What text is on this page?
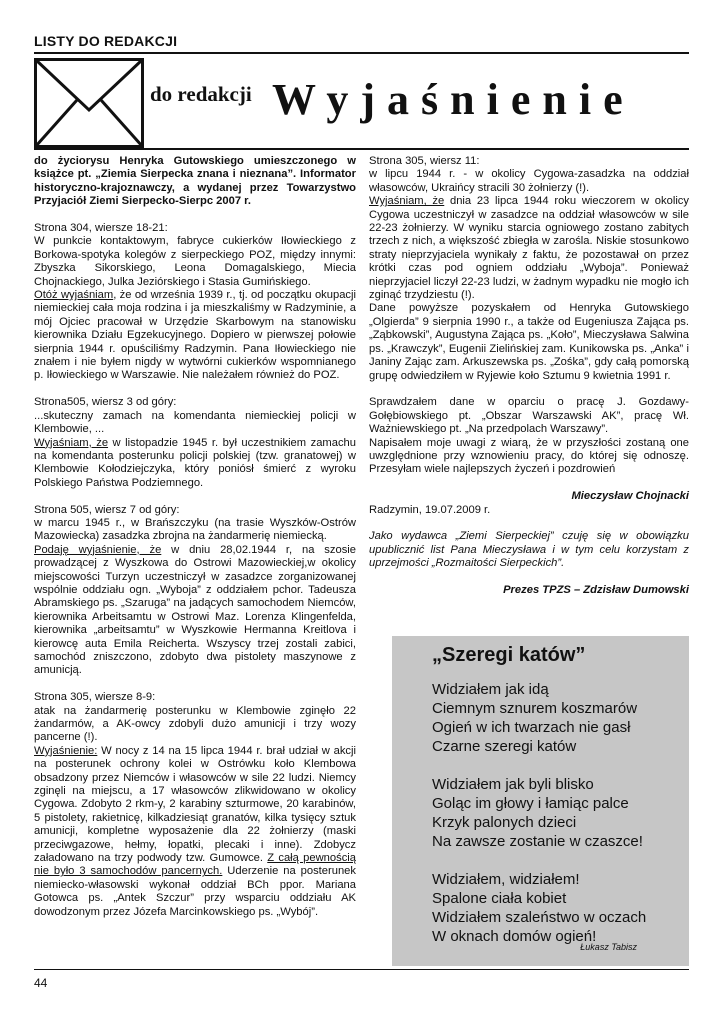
LISTY DO REDAKCJI
do redakcji Wyjaśnienie

do życiorysu Henryka Gutowskiego umieszczonego w książce pt. „Ziemia Sierpecka znana i nieznana”. Informator historyczno-krajoznawczy, a wydanej przez Towarzystwo Przyjaciół Ziemi Sierpecko-Sierpc 2007 r.

Strona 304, wiersze 18-21:

W punkcie kontaktowym, fabryce cukierków Iłowieckiego z Borkowa-spotyka kolegów z sierpeckiego POZ, między innymi: Zbyszka Sikorskiego, Leona Domagalskiego, Miecia Chojnackiego, Julka Jeziórskiego i Stasia Gumińskiego.

Otóż wyjaśniam, że od września 1939 r., tj. od początku okupacji niemieckiej cała moja rodzina i ja mieszkaliśmy w Radzyminie, a mój Ojciec pracował w Urzędzie Skarbowym na stanowisku kierownika Działu Egzekucyjnego. Dopiero w pierwszej połowie sierpnia 1944 r. opuściliśmy Radzymin. Pana Iłowieckiego nie znałem i nie byłem nigdy w wytwórni cukierków wspomnianego p. Iłowieckiego w Warszawie. Nie należałem również do POZ.

Strona505, wiersz 3 od góry:

...skuteczny zamach na komendanta niemieckiej policji w Klembowie, ...

Wyjaśniam, że w listopadzie 1945 r. był uczestnikiem zamachu na komendanta posterunku policji polskiej (tzw. granatowej) w Klembowie Kołodziejczyka, który poniósł śmierć z wyroku Polskiego Państwa Podziemnego.

Strona 505, wiersz 7 od góry:

w marcu 1945 r., w Brańszczyku (na trasie Wyszków-Ostrów Mazowiecka) zasadzka zbrojna na żandarmerię niemiecką.

Podaję wyjaśnienie, że w dniu 28,02.1944 r, na szosie prowadzącej z Wyszkowa do Ostrowi Mazowieckiej,w okolicy miejscowości Turzyn uczestniczył w zasadzce zorganizowanej wspólnie oddziału ogn. „Wyboja” z oddziałem pchor. Tadeusza Abramskiego ps. „Szaruga” na jadących samochodem Niemców, kierownika Arbeitsamtu w Ostrowi Maz. Lorenza Klingenfelda, kierownika „arbeitsamtu” w Wyszkowie Hermanna Kreitlova i kierowcę auta Emila Reicherta. Wszyscy trzej zostali zabici, samochód zniszczono, zdobyto dwa pistolety maszynowe z amunicją.

Strona 305, wiersze 8-9:

atak na żandarmerię posterunku w Klembowie zginęło 22 żandarmów, a AK-owcy zdobyli dużo amunicji i trzy wozy pancerne (!).

Wyjaśnienie: W nocy z 14 na 15 lipca 1944 r. brał udział w akcji na posterunek ochrony kolei w Ostrówku koło Klembowa obsadzony przez Niemców i własowców w sile 22 ludzi. Niemcy zginęli na miejscu, a 17 własowców zlikwidowano w okolicy Cygowa. Zdobyto 2 rkm-y, 2 karabiny szturmowe, 20 karabinów, 5 pistolety, rakietnicę, kilkadziesiąt granatów, kilka tysięcy sztuk amunicji, kompletne wyposażenie dla 22 żołnierzy (maski przeciwgazowe, hełmy, łopatki, plecaki i inne). Zdobycz załadowano na trzy podwody tzw. Gumowce. Z całą pewnością nie było 3 samochodów pancernych. Uderzenie na posterunek niemiecko-własowski wykonał oddział BCh ppor. Mariana Gotowca ps. „Antek Szczur” przy wsparciu oddziału AK dowodzonym przez Józefa Marcinkowskiego ps. „Wybój”.

Strona 305, wiersz 11:

w lipcu 1944 r. - w okolicy Cygowa-zasadzka na oddział własowców, Ukraińcy stracili 30 żołnierzy (!).

Wyjaśniam, że dnia 23 lipca 1944 roku wieczorem w okolicy Cygowa uczestniczył w zasadzce na oddział własowców w sile 22-23 żołnierzy. W wyniku starcia ogniowego zostano zabitych trzech z nich, a większość zbiegła w zarośla. Niskie stosunkowo straty nieprzyjaciela wynikały z faktu, że pozostawał on przez krótki czas pod ogniem oddziału „Wyboja”. Ponieważ nieprzyjaciel liczył 22-23 ludzi, w żadnym wypadku nie mogło ich zginąć trzydziestu (!).

Dane powyższe pozyskałem od Henryka Gutowskiego „Olgierda” 9 sierpnia 1990 r., a także od Eugeniusza Zająca ps. „Ząbkowski”, Augustyna Zająca ps. „Koło”, Mieczysława Salwina ps. „Krawczyk”, Eugenii Zielińskiej zam. Kunikowska ps. „Anka” i Janiny Zając zam. Arkuszewska ps. „Zośka”, gdy całą pomorską grupę odwiedziłem w Ryjewie koło Sztumu 9 kwietnia 1991 r.

Sprawdzałem dane w oparciu o pracę J. Gozdawy-Gołębiowskiego pt. „Obszar Warszawski AK”, pracę Wł. Ważniewskiego pt. „Na przedpolach Warszawy”.

Napisałem moje uwagi z wiarą, że w przyszłości zostaną one uwzględnione przy wznowieniu pracy, do której się odnoszę. Przesyłam wiele najlepszych życzeń i pozdrowień

Mieczysław Chojnacki

Radzymin, 19.07.2009 r.

Jako wydawca „Ziemi Sierpeckiej” czuję się w obowiązku upublicznić list Pana Mieczysława i w tym celu korzystam z uprzejmości „Rozmaitości Sierpeckich”.

Prezes TPZS – Zdzisław Dumowski

„Szeregi katów”
Widziałem jak idą
Ciemnym sznurem koszmarów
Ogień w ich twarzach nie gasł
Czarne szeregi katów
Widziałem jak byli blisko
Goląc im głowy i łamiąc palce
Krzyk palonych dzieci
Na zawsze zostanie w czaszce!
Widziałem, widziałem!
Spalone ciała kobiet
Widziałem szaleństwo w oczach
W oknach domów ogień!
Łukasz Tabisz
44
